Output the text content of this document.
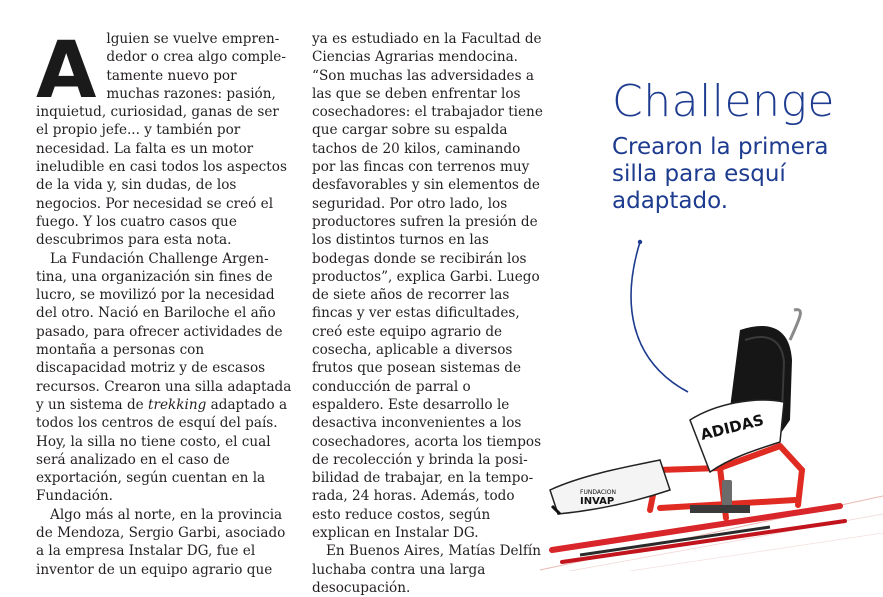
Alguien se vuelve emprendedor o crea algo completamente nuevo por muchas razones: pasión, inquietud, curiosidad, ganas de ser el propio jefe... y también por necesidad. La falta es un motor ineludible en casi todos los aspectos de la vida y, sin dudas, de los negocios. Por necesidad se creó el fuego. Y los cuatro casos que descubrimos para esta nota.

La Fundación Challenge Argentina, una organización sin fines de lucro, se movilizó por la necesidad del otro. Nació en Bariloche el año pasado, para ofrecer actividades de montaña a personas con discapacidad motriz y de escasos recursos. Crearon una silla adaptada y un sistema de trekking adaptado a todos los centros de esquí del país. Hoy, la silla no tiene costo, el cual será analizado en el caso de exportación, según cuentan en la Fundación.

Algo más al norte, en la provincia de Mendoza, Sergio Garbi, asociado a la empresa Instalar DG, fue el inventor de un equipo agrario que

ya es estudiado en la Facultad de Ciencias Agrarias mendocina. “Son muchas las adversidades a las que se deben enfrentar los cosechadores: el trabajador tiene que cargar sobre su espalda tachos de 20 kilos, caminando por las fincas con terrenos muy desfavorables y sin elementos de seguridad. Por otro lado, los productores sufren la presión de los distintos turnos en las bodegas donde se recibirán los productos”, explica Garbi. Luego de siete años de recorrer las fincas y ver estas dificultades, creó este equipo agrario de cosecha, aplicable a diversos frutos que posean sistemas de conducción de parral o espaldero. Este desarrollo le desactiva inconvenientes a los cosechadores, acorta los tiempos de recolección y brinda la posibilidad de trabajar, en la temporada, 24 horas. Además, todo esto reduce costos, según explican en Instalar DG.

En Buenos Aires, Matías Delfín luchaba contra una larga desocupación.

Challenge
Crearon la primera silla para esquí adaptado.
ADIDAS
FUNDACION
INVAP
